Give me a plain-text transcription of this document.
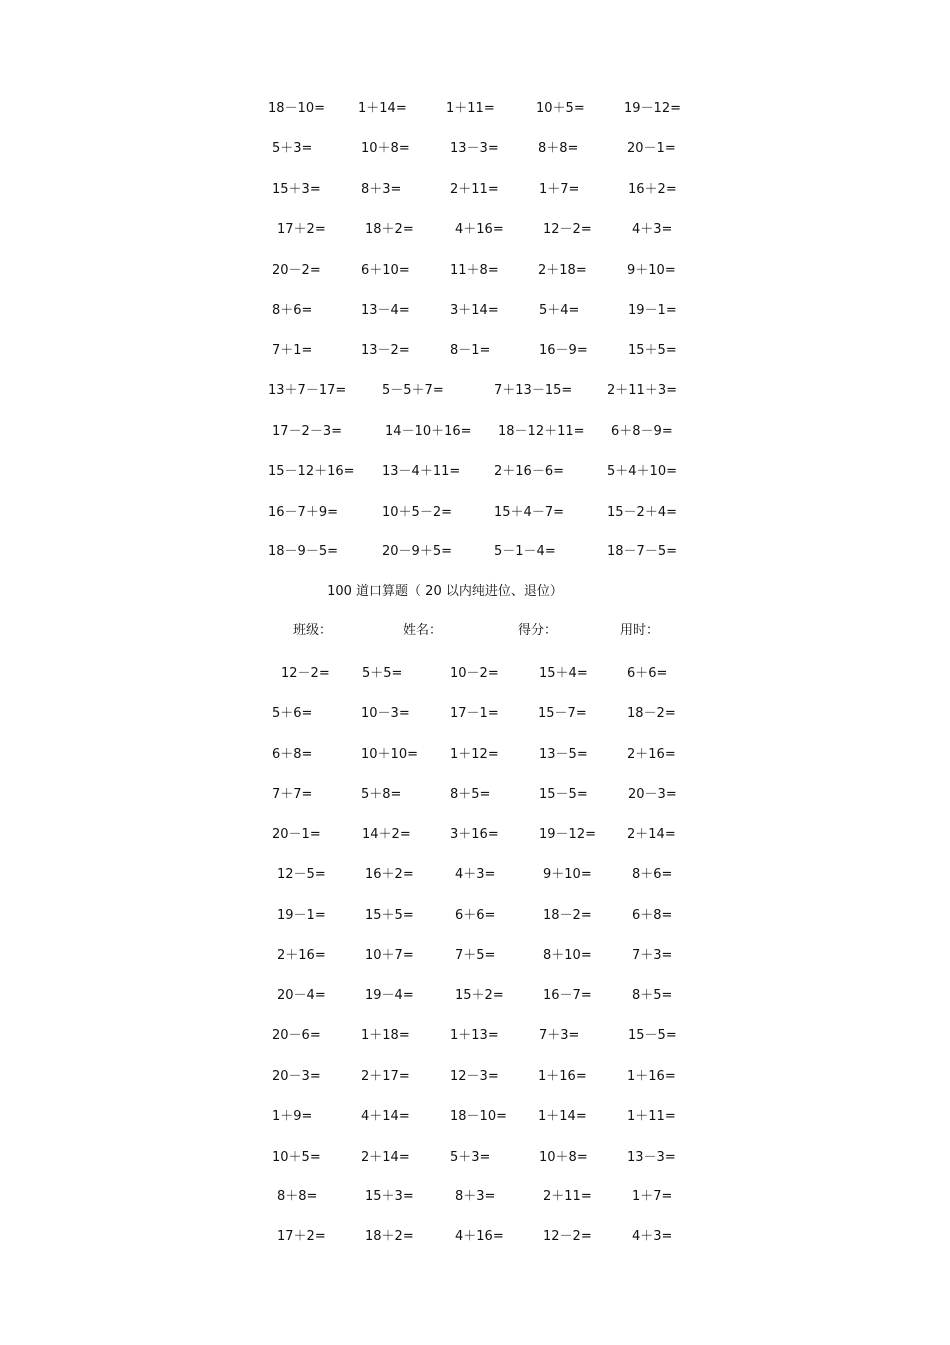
18－10=	1＋14=	1＋11=	10＋5=	19－12=
5＋3=	10＋8=	13－3=	8＋8=	20－1=
15＋3=	8＋3=	2＋11=	1＋7=	16＋2=
17＋2=	18＋2=	4＋16=	12－2=	4＋3=
20－2=	6＋10=	11＋8=	2＋18=	9＋10=
8＋6=	13－4=	3＋14=	5＋4=	19－1=
7＋1=	13－2=	8－1=	16－9=	15＋5=
13＋7－17=	5－5＋7=	7＋13－15=	2＋11＋3=
17－2－3=	14－10＋16= 18－12＋11= 6＋8－9=
15－12＋16= 13－4＋11=	2＋16－6=	5＋4＋10=
16－7＋9=	10＋5－2=	15＋4－7=	15－2＋4=
18－9－5=	20－9＋5=	5－1－4=	18－7－5=
100 道口算题（ 20 以内纯进位、退位）
班级：	姓名：	得分：	用时：
12－2= 5＋5=	10－2=	15＋4=	6＋6=
5＋6=	10－3=	17－1=	15－7=	18－2=
6＋8=	10＋10= 1＋12=	13－5=	2＋16=
7＋7=	5＋8=	8＋5=	15－5=	20－3=
20－1=	14＋2=	3＋16=	19－12= 2＋14=
12－5=	16＋2=	4＋3=	9＋10=	8＋6=
19－1=	15＋5=	6＋6=	18－2=	6＋8=
2＋16=	10＋7=	7＋5=	8＋10=	7＋3=
20－4=	19－4=	15＋2=	16－7=	8＋5=
20－6=	1＋18=	1＋13=	7＋3=	15－5=
20－3=	2＋17=	12－3=	1＋16=	1＋16=
1＋9=	4＋14=	18－10= 1＋14=	1＋11=
10＋5=	2＋14=	5＋3=	10＋8=	13－3=
8＋8=	15＋3=	8＋3=	2＋11=	1＋7=
17＋2=	18＋2=	4＋16=	12－2=	4＋3=
